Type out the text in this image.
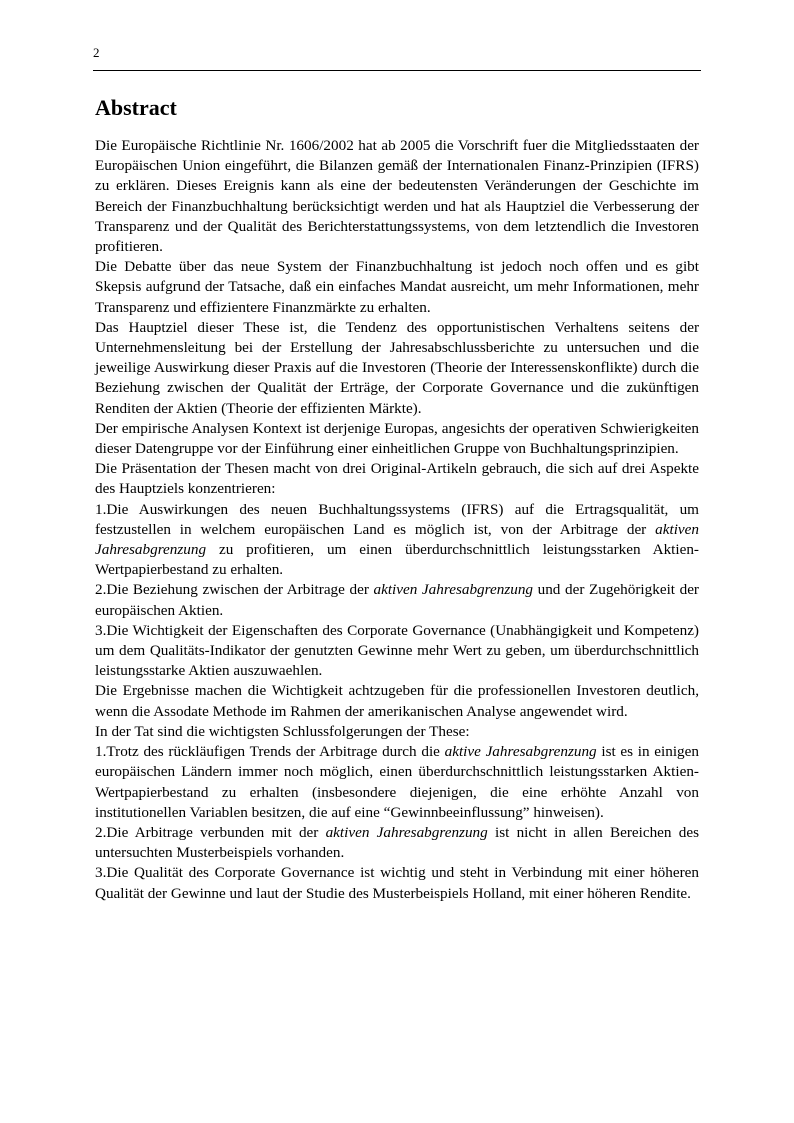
2
Abstract

Die Europäische Richtlinie Nr. 1606/2002 hat ab 2005 die Vorschrift fuer die Mitgliedsstaaten der Europäischen Union eingeführt, die Bilanzen gemäß der Internationalen Finanz-Prinzipien (IFRS) zu erklären. Dieses Ereignis kann als eine der bedeutensten Veränderungen der Geschichte im Bereich der Finanzbuchhaltung berücksichtigt werden und hat als Hauptziel die Verbesserung der Transparenz und der Qualität des Berichterstattungssystems, von dem letztendlich die Investoren profitieren.

Die Debatte über das neue System der Finanzbuchhaltung ist jedoch noch offen und es gibt Skepsis aufgrund der Tatsache, daß ein einfaches Mandat ausreicht, um mehr Informationen, mehr Transparenz und effizientere Finanzmärkte zu erhalten.

Das Hauptziel dieser These ist, die Tendenz des opportunistischen Verhaltens seitens der Unternehmensleitung bei der Erstellung der Jahresabschlussberichte zu untersuchen und die jeweilige Auswirkung dieser Praxis auf die Investoren (Theorie der Interessenskonflikte) durch die Beziehung zwischen der Qualität der Erträge, der Corporate Governance und die zukünftigen Renditen der Aktien (Theorie der effizienten Märkte).

Der empirische Analysen Kontext ist derjenige Europas, angesichts der operativen Schwierigkeiten dieser Datengruppe vor der Einführung einer einheitlichen Gruppe von Buchhaltungsprinzipien.

Die Präsentation der Thesen macht von drei Original-Artikeln gebrauch, die sich auf drei Aspekte des Hauptziels konzentrieren:

1.Die Auswirkungen des neuen Buchhaltungssystems (IFRS) auf die Ertragsqualität, um festzustellen in welchem europäischen Land es möglich ist, von der Arbitrage der aktiven Jahresabgrenzung zu profitieren, um einen überdurchschnittlich leistungsstarken Aktien-Wertpapierbestand zu erhalten.

2.Die Beziehung zwischen der Arbitrage der aktiven Jahresabgrenzung und der Zugehörigkeit der europäischen Aktien.

3.Die Wichtigkeit der Eigenschaften des Corporate Governance (Unabhängigkeit und Kompetenz) um dem Qualitäts-Indikator der genutzten Gewinne mehr Wert zu geben, um überdurchschnittlich leistungsstarke Aktien auszuwaehlen.

Die Ergebnisse machen die Wichtigkeit achtzugeben für die professionellen Investoren deutlich, wenn die Assodate Methode im Rahmen der amerikanischen Analyse angewendet wird.

In der Tat sind die wichtigsten Schlussfolgerungen der These:

1.Trotz des rückläufigen Trends der Arbitrage durch die aktive Jahresabgrenzung ist es in einigen europäischen Ländern immer noch möglich, einen überdurchschnittlich leistungsstarken Aktien-Wertpapierbestand zu erhalten (insbesondere diejenigen, die eine erhöhte Anzahl von institutionellen Variablen besitzen, die auf eine “Gewinnbeeinflussung” hinweisen).

2.Die Arbitrage verbunden mit der aktiven Jahresabgrenzung ist nicht in allen Bereichen des untersuchten Musterbeispiels vorhanden.

3.Die Qualität des Corporate Governance ist wichtig und steht in Verbindung mit einer höheren Qualität der Gewinne und laut der Studie des Musterbeispiels Holland, mit einer höheren Rendite.
